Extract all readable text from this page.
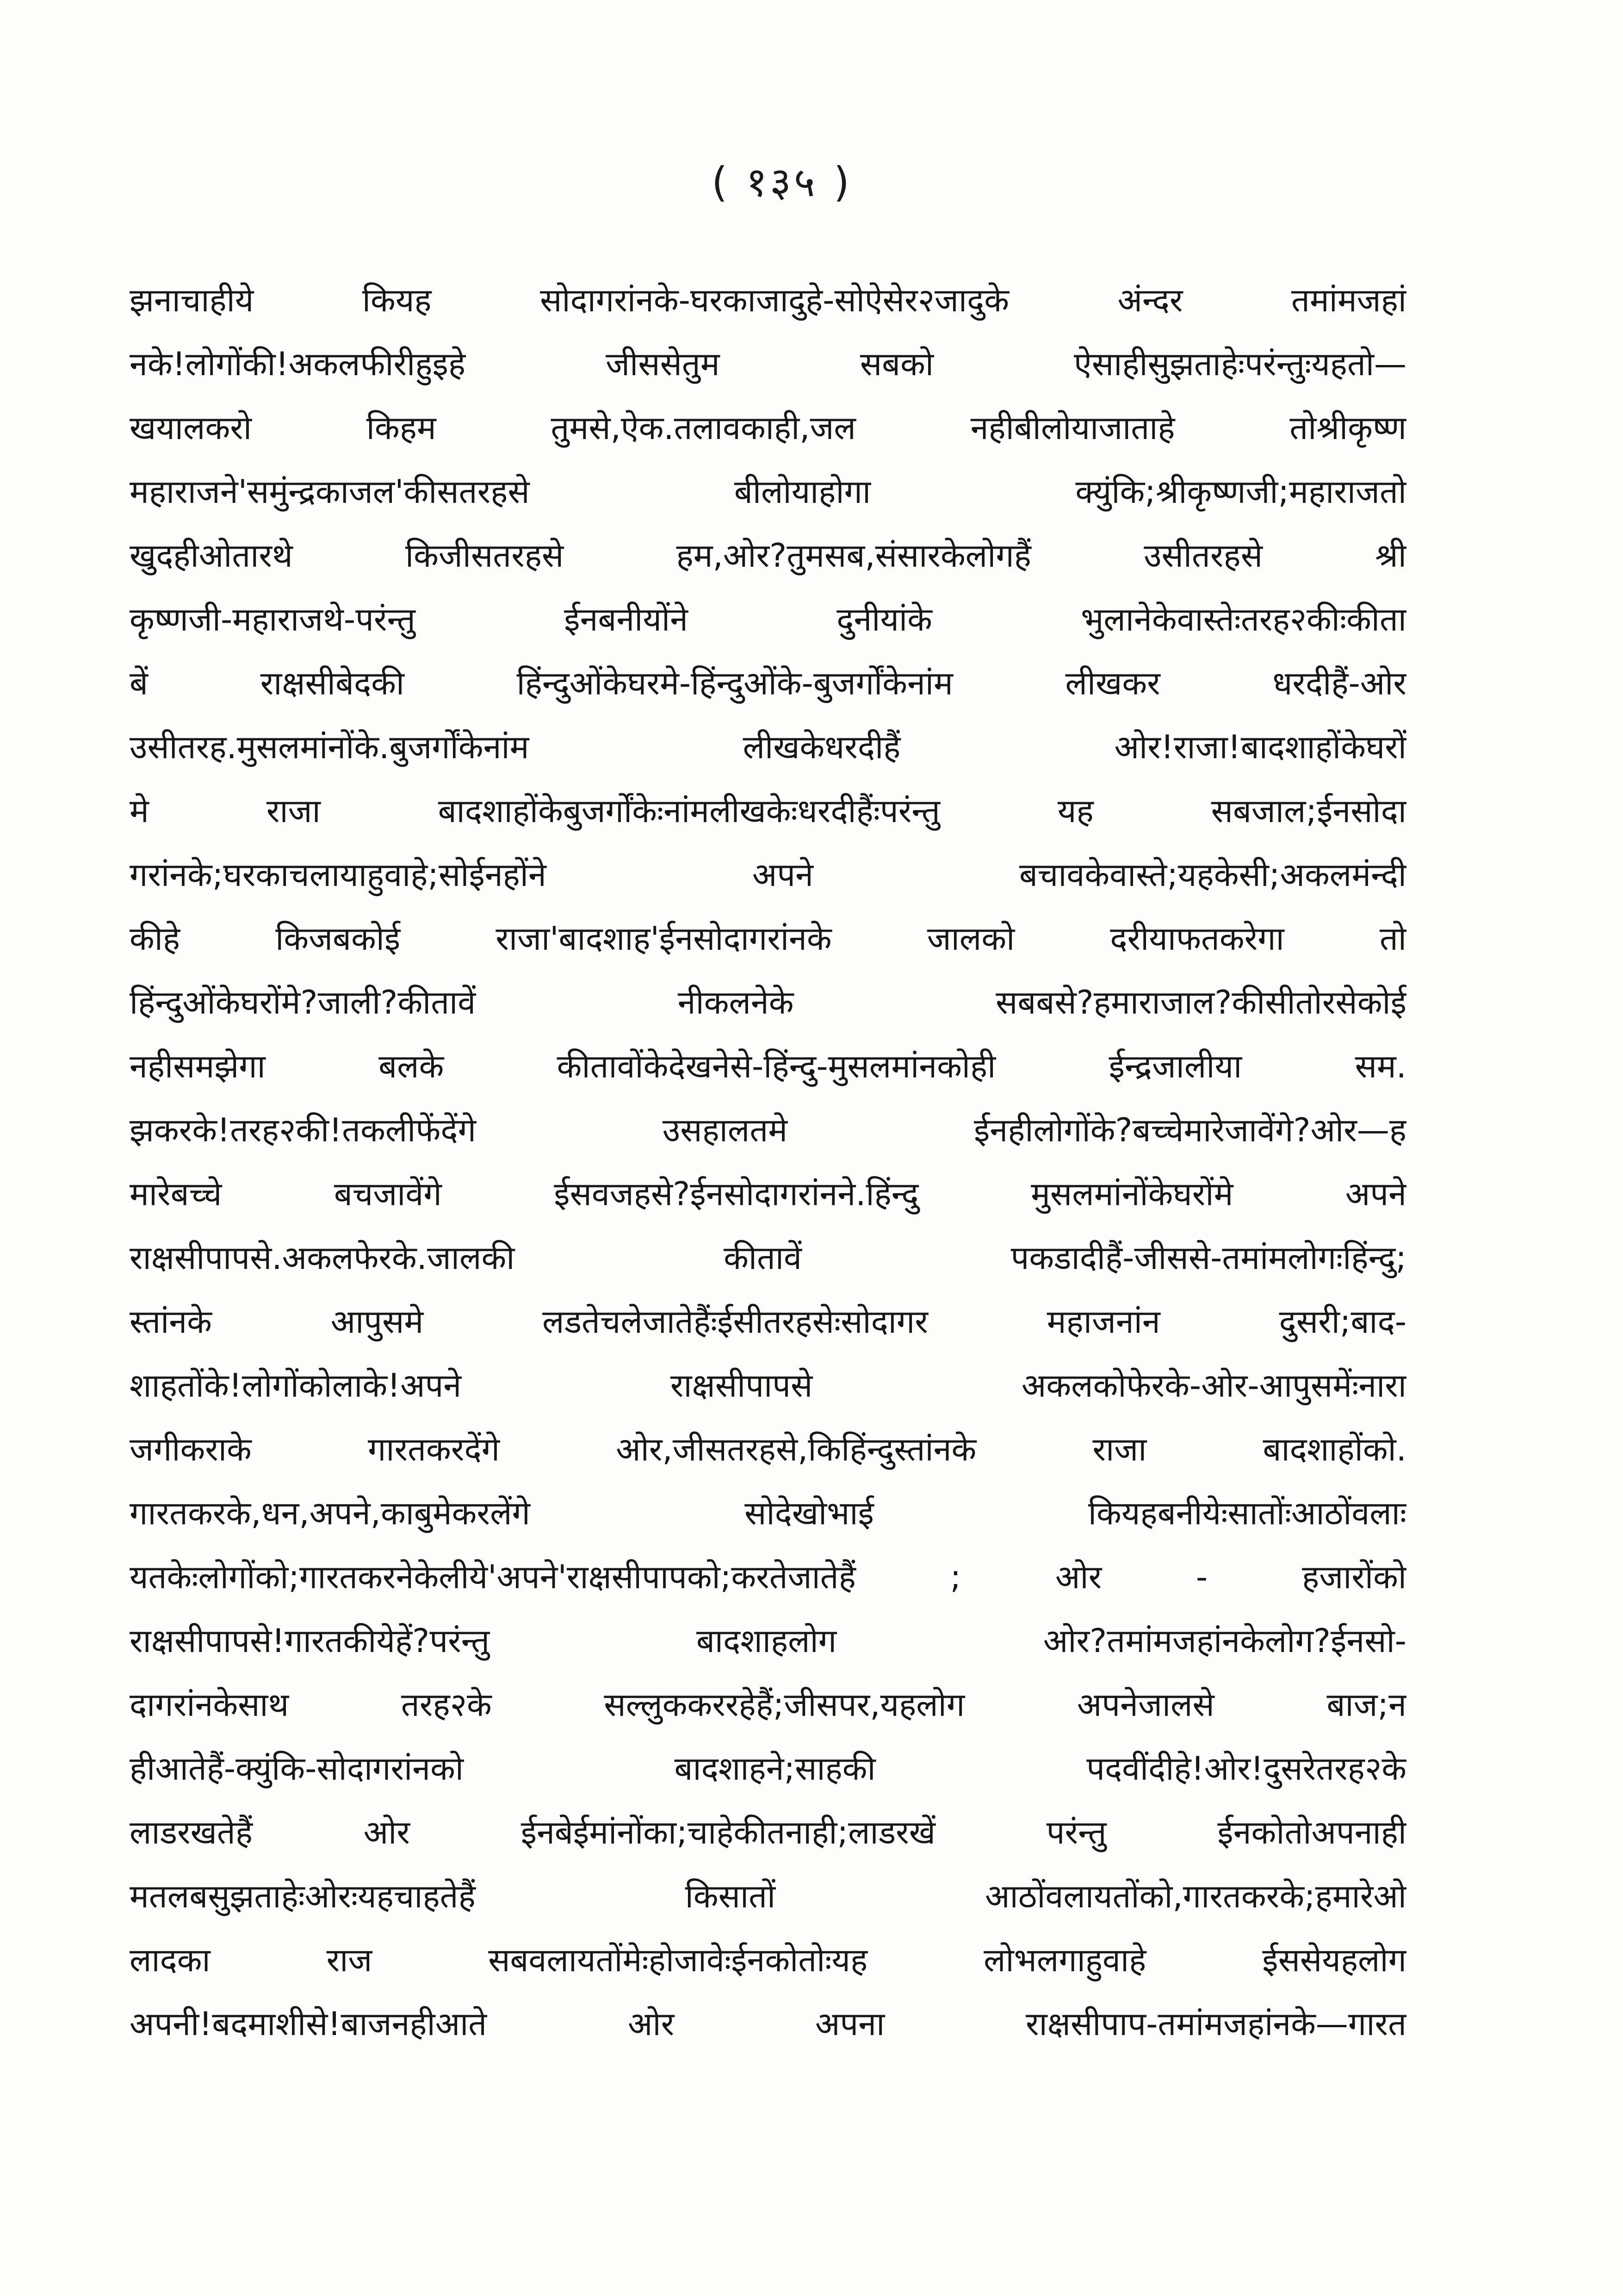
( १३५ )
झनाचाहीये कियह सोदागरांनके-घरकाजादुहे-सोऐसेर२जादुके अंन्दर तमांमजहां
नके!लोगोंकी!अकलफीरीहुइहे जीससेतुम सबको ऐसाहीसुझताहेःपरंन्तुःयहतो—
खयालकरो किहम तुमसे,ऐक.तलावकाही,जल नहीबीलोयाजाताहे तोश्रीकृष्ण
महाराजने'समुंन्द्रकाजल'कीसतरहसे बीलोयाहोगा क्युंकि;श्रीकृष्णजी;महाराजतो
खुदहीओतारथे किजीसतरहसे हम,ओर?तुमसब,संसारकेलोगहैं उसीतरहसे श्री
कृष्णजी-महाराजथे-परंन्तु ईनबनीयोंने दुनीयांके भुलानेकेवास्तेःतरह२कीःकीता
बें राक्षसीबेदकी हिंन्दुओंकेघरमे-हिंन्दुओंके-बुजर्गोंकेनांम लीखकर धरदीहैं-ओर
उसीतरह.मुसलमांनोंके.बुजर्गोंकेनांम लीखकेधरदीहैं ओर!राजा!बादशाहोंकेघरों
मे राजा बादशाहोंकेबुजर्गोंकेःनांमलीखकेःधरदीहैंःपरंन्तु यह सबजाल;ईनसोदा
गरांनके;घरकाचलायाहुवाहे;सोईनहोंने अपने बचावकेवास्ते;यहकेसी;अकलमंन्दी
कीहे किजबकोई राजा'बादशाह'ईनसोदागरांनके जालको दरीयाफतकरेगा तो
हिंन्दुओंकेघरोंमे?जाली?कीतावें नीकलनेके सबबसे?हमाराजाल?कीसीतोरसेकोई
नहीसमझेगा बलके कीतावोंकेदेखनेसे-हिंन्दु-मुसलमांनकोही ईन्द्रजालीया सम.
झकरके!तरह२की!तकलीफेंदेंगे उसहालतमे ईनहीलोगोंके?बच्चेमारेजावेंगे?ओर—ह
मारेबच्चे बचजावेंगे ईसवजहसे?ईनसोदागरांनने.हिंन्दु मुसलमांनोंकेघरोंमे अपने
राक्षसीपापसे.अकलफेरके.जालकी कीतावें पकडादीहैं-जीससे-तमांमलोगःहिंन्दु;
स्तांनके आपुसमे लडतेचलेजातेहैंःईसीतरहसेःसोदागर महाजनांन दुसरी;बाद-
शाहतोंके!लोगोंकोलाके!अपने राक्षसीपापसे अकलकोफेरके-ओर-आपुसमेंःनारा
जगीकराके गारतकरदेंगे ओर,जीसतरहसे,किहिंन्दुस्तांनके राजा बादशाहोंको.
गारतकरके,धन,अपने,काबुमेकरलेंगे सोदेखोभाई कियहबनीयेःसातोंःआठोंवलाः
यतकेःलोगोंको;गारतकरनेकेलीये'अपने'राक्षसीपापको;करतेजातेहैं ; ओर - हजारोंको
राक्षसीपापसे!गारतकीयेहें?परंन्तु बादशाहलोग ओर?तमांमजहांनकेलोग?ईनसो-
दागरांनकेसाथ तरह२के सल्लुककररहेहैं;जीसपर,यहलोग अपनेजालसे बाज;न
हीआतेहैं-क्युंकि-सोदागरांनको बादशाहने;साहकी पदवींदीहे!ओर!दुसरेतरह२के
लाडरखतेहैं ओर ईनबेईमांनोंका;चाहेकीतनाही;लाडरखें परंन्तु ईनकोतोअपनाही
मतलबसुझताहेःओरःयहचाहतेहैं किसातों आठोंवलायतोंको,गारतकरके;हमारेओ
लादका राज सबवलायतोंमेःहोजावेःईनकोतोःयह लोभलगाहुवाहे ईससेयहलोग
अपनी!बदमाशीसे!बाजनहीआते ओर अपना राक्षसीपाप-तमांमजहांनके—गारत
